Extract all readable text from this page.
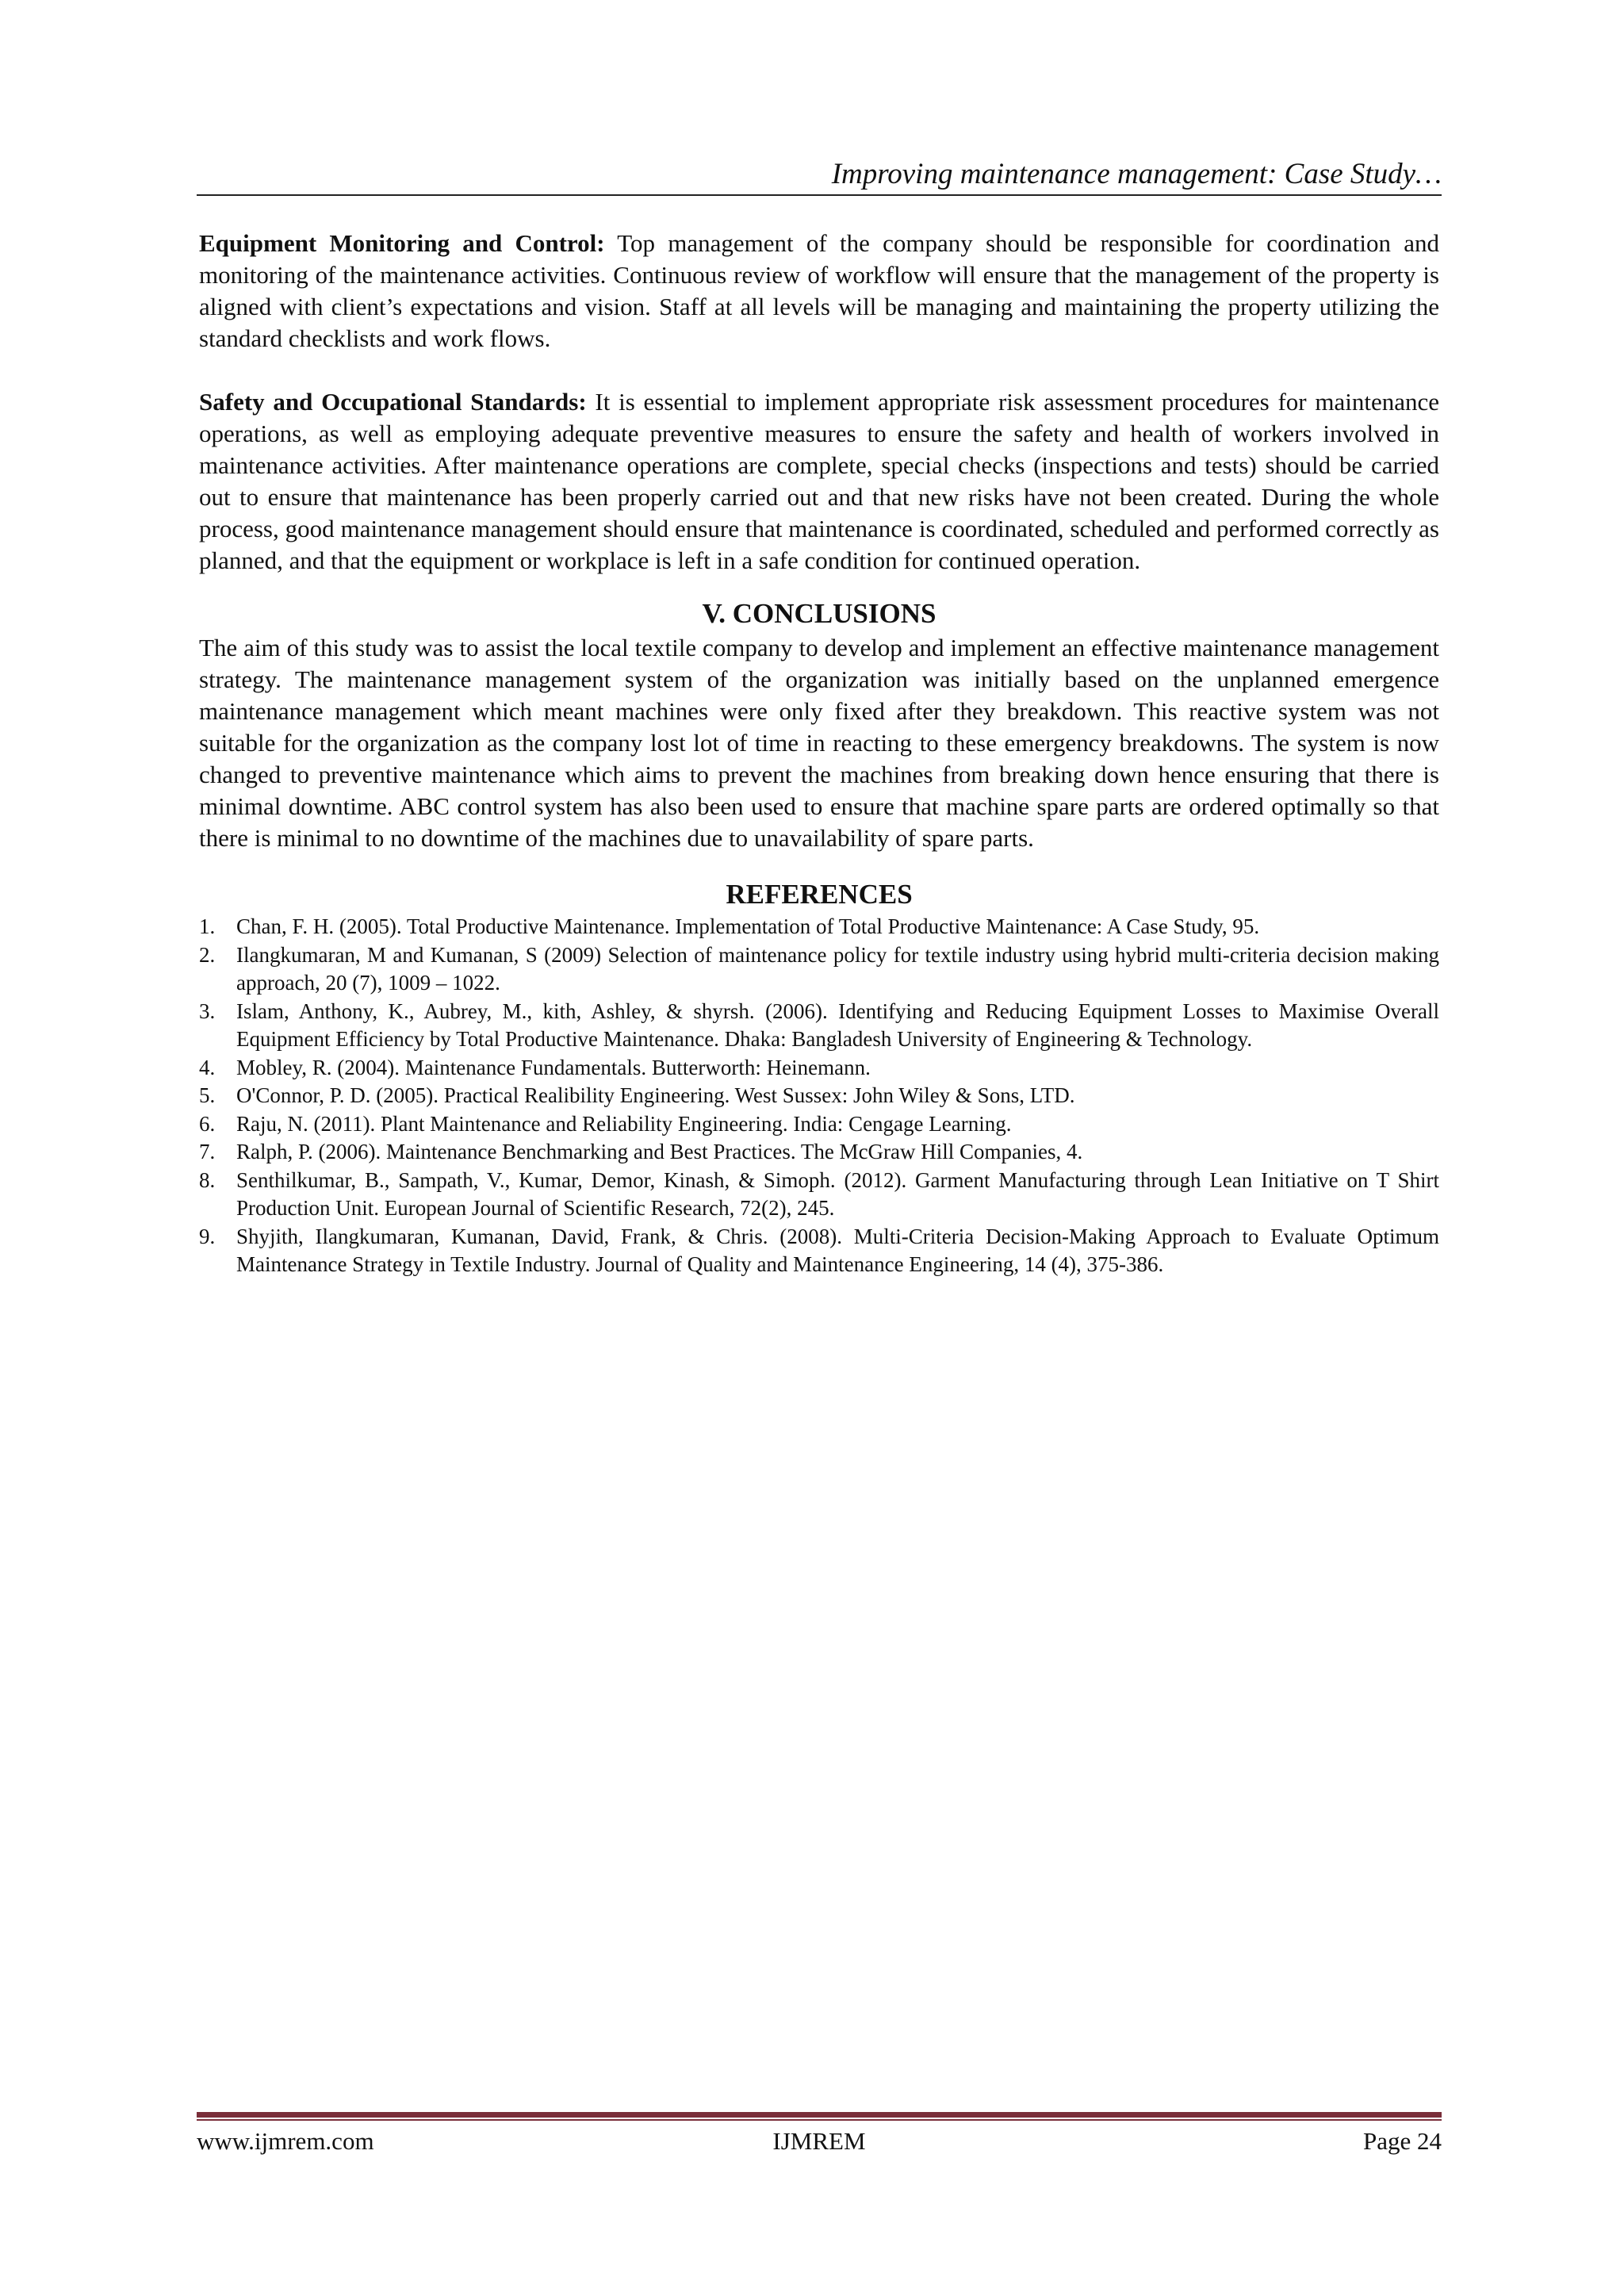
Improving maintenance management: Case Study…

Equipment Monitoring and Control: Top management of the company should be responsible for coordination and monitoring of the maintenance activities. Continuous review of workflow will ensure that the management of the property is aligned with client’s expectations and vision. Staff at all levels will be managing and maintaining the property utilizing the standard checklists and work flows.

Safety and Occupational Standards: It is essential to implement appropriate risk assessment procedures for maintenance operations, as well as employing adequate preventive measures to ensure the safety and health of workers involved in maintenance activities. After maintenance operations are complete, special checks (inspections and tests) should be carried out to ensure that maintenance has been properly carried out and that new risks have not been created. During the whole process, good maintenance management should ensure that maintenance is coordinated, scheduled and performed correctly as planned, and that the equipment or workplace is left in a safe condition for continued operation.

V. CONCLUSIONS

The aim of this study was to assist the local textile company to develop and implement an effective maintenance management strategy. The maintenance management system of the organization was initially based on the unplanned emergence maintenance management which meant machines were only fixed after they breakdown. This reactive system was not suitable for the organization as the company lost lot of time in reacting to these emergency breakdowns. The system is now changed to preventive maintenance which aims to prevent the machines from breaking down hence ensuring that there is minimal downtime. ABC control system has also been used to ensure that machine spare parts are ordered optimally so that there is minimal to no downtime of the machines due to unavailability of spare parts.

REFERENCES
1. Chan, F. H. (2005). Total Productive Maintenance. Implementation of Total Productive Maintenance: A Case Study, 95.
2. Ilangkumaran, M and Kumanan, S (2009) Selection of maintenance policy for textile industry using hybrid multi-criteria decision making approach, 20 (7), 1009 – 1022.
3. Islam, Anthony, K., Aubrey, M., kith, Ashley, & shyrsh. (2006). Identifying and Reducing Equipment Losses to Maximise Overall Equipment Efficiency by Total Productive Maintenance. Dhaka: Bangladesh University of Engineering & Technology.
4. Mobley, R. (2004). Maintenance Fundamentals. Butterworth: Heinemann.
5. O'Connor, P. D. (2005). Practical Realibility Engineering. West Sussex: John Wiley & Sons, LTD.
6. Raju, N. (2011). Plant Maintenance and Reliability Engineering. India: Cengage Learning.
7. Ralph, P. (2006). Maintenance Benchmarking and Best Practices. The McGraw Hill Companies, 4.
8. Senthilkumar, B., Sampath, V., Kumar, Demor, Kinash, & Simoph. (2012). Garment Manufacturing through Lean Initiative on T Shirt Production Unit. European Journal of Scientific Research, 72(2), 245.
9. Shyjith, Ilangkumaran, Kumanan, David, Frank, & Chris. (2008). Multi-Criteria Decision-Making Approach to Evaluate Optimum Maintenance Strategy in Textile Industry. Journal of Quality and Maintenance Engineering, 14 (4), 375-386.
IJMREM
www.ijmrem.com	Page 24
